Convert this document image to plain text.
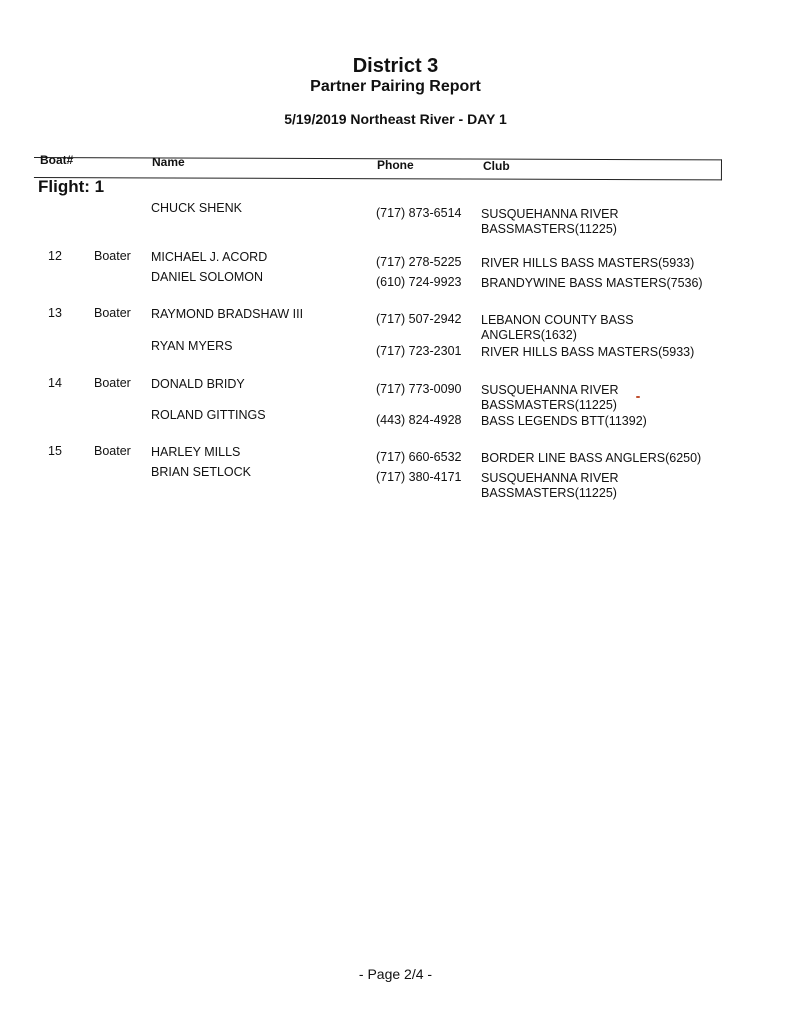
District 3
Partner Pairing Report
5/19/2019 Northeast River - DAY 1
Boat#	Name	Phone	Club
Flight: 1
CHUCK SHENK	(717) 873-6514 SUSQUEHANNA RIVER
BASSMASTERS(11225)
12	Boater MICHAEL J. ACORD	(717) 278-5225 RIVER HILLS BASS MASTERS(5933)
DANIEL SOLOMON	(610) 724-9923 BRANDYWINE BASS MASTERS(7536)
13	Boater RAYMOND BRADSHAW III	(717) 507-2942 LEBANON COUNTY BASS
ANGLERS(1632)
RYAN MYERS	(717) 723-2301 RIVER HILLS BASS MASTERS(5933)
14	Boater DONALD BRIDY	(717) 773-0090 SUSQUEHANNA RIVER
BASSMASTERS(11225)
ROLAND GITTINGS	(443) 824-4928 BASS LEGENDS BTT(11392)
15	Boater HARLEY MILLS	(717) 660-6532 BORDER LINE BASS ANGLERS(6250)
BRIAN SETLOCK	(717) 380-4171 SUSQUEHANNA RIVER
BASSMASTERS(11225)
- Page 2/4 -
